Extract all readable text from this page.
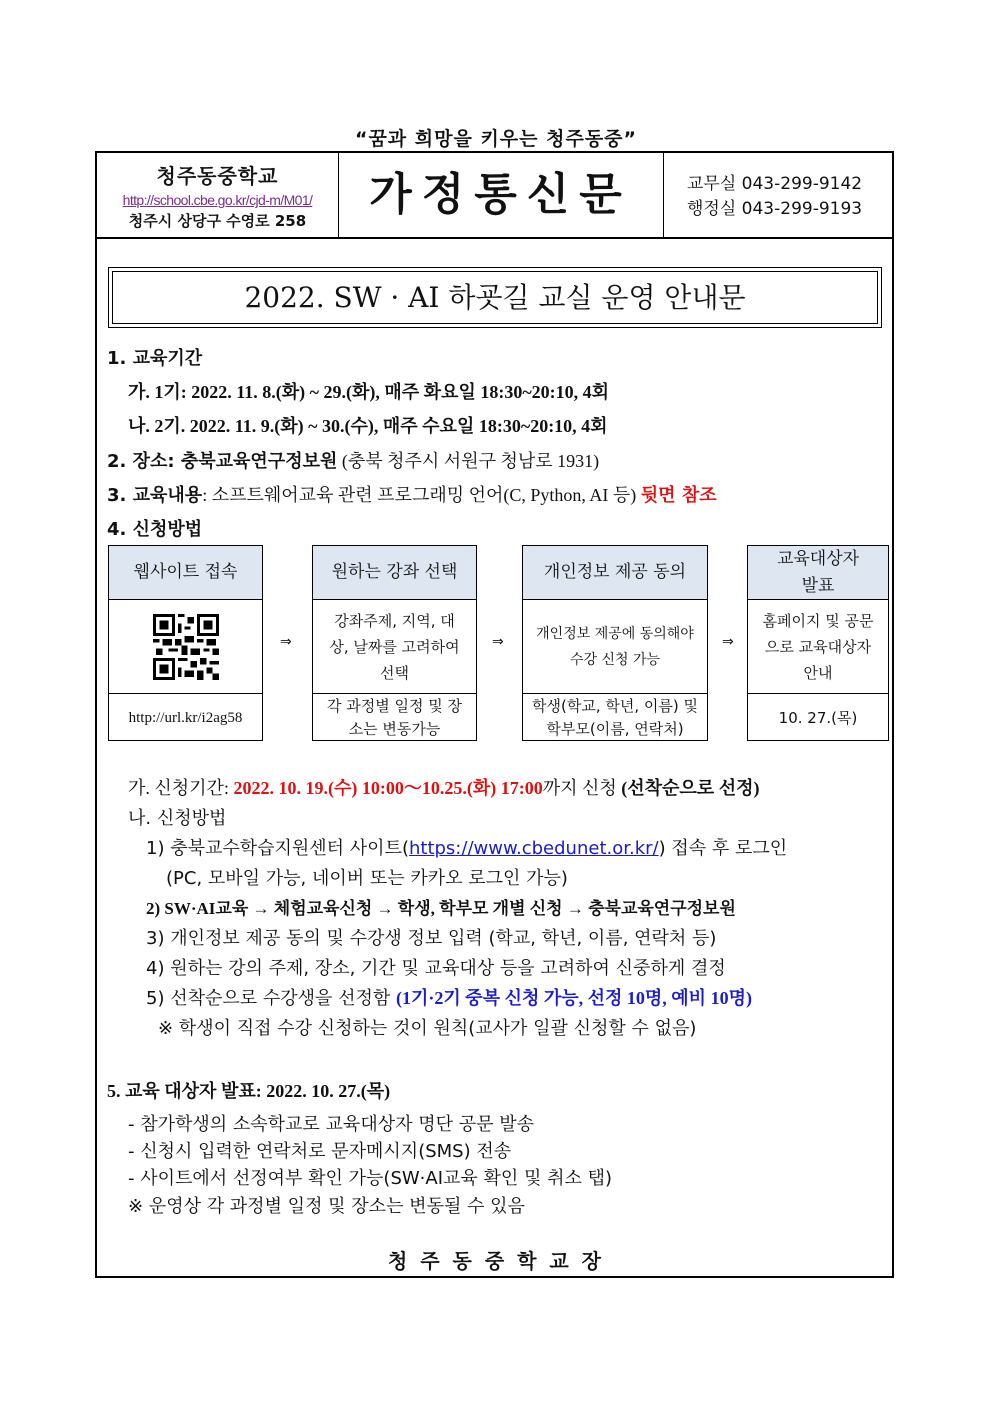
“꿈과 희망을 키우는 청주동중”
청주동중학교
http://school.cbe.go.kr/cjd-m/M01/
청주시 상당구 수영로 258
가정통신문	교무실 043-299-9142
행정실 043-299-9193
2022. SW · AI 하굣길 교실 운영 안내문
1. 교육기간
가. 1기: 2022. 11. 8.(화) ~ 29.(화), 매주 화요일 18:30~20:10, 4회
나. 2기. 2022. 11. 9.(화) ~ 30.(수), 매주 수요일 18:30~20:10, 4회
2. 장소: 충북교육연구정보원 (충북 청주시 서원구 청남로 1931)
3. 교육내용: 소프트웨어교육 관련 프로그래밍 언어(C, Python, AI 등) 뒷면 참조
4. 신청방법
웹사이트 접속
http://url.kr/i2ag58
⇒
원하는 강좌 선택
강좌주제, 지역, 대상, 날짜를 고려하여 선택
각 과정별 일정 및 장소는 변동가능
⇒
개인정보 제공 동의
개인정보 제공에 동의해야 수강 신청 가능
학생(학교, 학년, 이름) 및 학부모(이름, 연락처)
⇒
교육대상자 발표
홈페이지 및 공문으로 교육대상자 안내
10. 27.(목)
가. 신청기간: 2022. 10. 19.(수) 10:00～10.25.(화) 17:00까지 신청 (선착순으로 선정)
나. 신청방법
1) 충북교수학습지원센터 사이트(https://www.cbedunet.or.kr/) 접속 후 로그인
(PC, 모바일 가능, 네이버 또는 카카오 로그인 가능)
2) SW·AI교육 → 체험교육신청 → 학생, 학부모 개별 신청 → 충북교육연구정보원
3) 개인정보 제공 동의 및 수강생 정보 입력 (학교, 학년, 이름, 연락처 등)
4) 원하는 강의 주제, 장소, 기간 및 교육대상 등을 고려하여 신중하게 결정
5) 선착순으로 수강생을 선정함 (1기·2기 중복 신청 가능, 선정 10명, 예비 10명)
※ 학생이 직접 수강 신청하는 것이 원칙(교사가 일괄 신청할 수 없음)
5. 교육 대상자 발표: 2022. 10. 27.(목)
- 참가학생의 소속학교로 교육대상자 명단 공문 발송
- 신청시 입력한 연락처로 문자메시지(SMS) 전송
- 사이트에서 선정여부 확인 가능(SW·AI교육 확인 및 취소 탭)
※ 운영상 각 과정별 일정 및 장소는 변동될 수 있음
청 주 동 중 학 교 장
